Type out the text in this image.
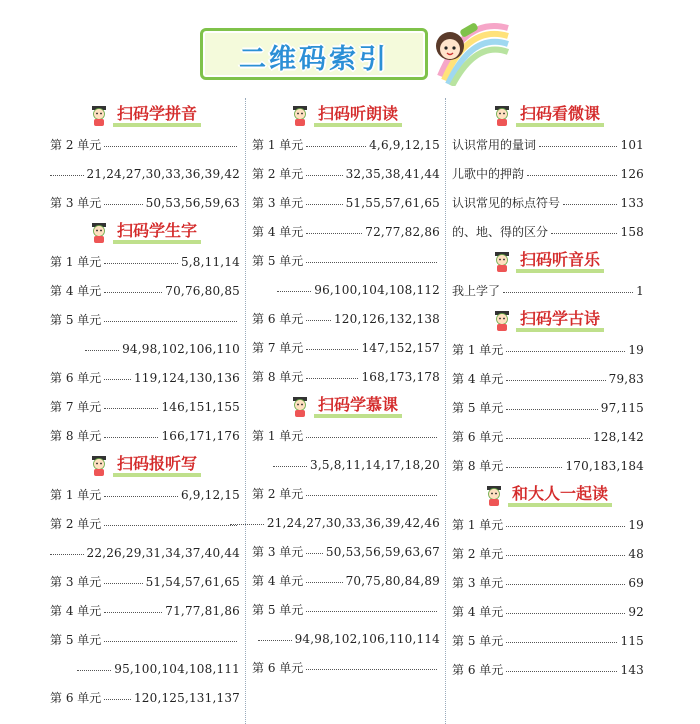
二维码索引
扫码学拼音
第 2 单元
21,24,27,30,33,36,39,42
第 3 单元	50,53,56,59,63
扫码学生字
第 1 单元	5,8,11,14
第 4 单元	70,76,80,85
第 5 单元
94,98,102,106,110
第 6 单元	119,124,130,136
第 7 单元	146,151,155
第 8 单元	166,171,176
扫码报听写
第 1 单元	6,9,12,15
第 2 单元
22,26,29,31,34,37,40,44
第 3 单元	51,54,57,61,65
第 4 单元	71,77,81,86
第 5 单元
95,100,104,108,111
第 6 单元	120,125,131,137
扫码听朗读
第 1 单元	4,6,9,12,15
第 2 单元	32,35,38,41,44
第 3 单元	51,55,57,61,65
第 4 单元	72,77,82,86
第 5 单元
96,100,104,108,112
第 6 单元	120,126,132,138
第 7 单元	147,152,157
第 8 单元	168,173,178
扫码学慕课
第 1 单元
3,5,8,11,14,17,18,20
第 2 单元
21,24,27,30,33,36,39,42,46
第 3 单元 50,53,56,59,63,67
第 4 单元	70,75,80,84,89
第 5 单元
94,98,102,106,110,114
第 6 单元
扫码看微课
认识常用的量词	101
儿歌中的押韵	126
认识常见的标点符号	133
的、地、得的区分	158
扫码听音乐
我上学了	1
扫码学古诗
第 1 单元	19
第 4 单元	79,83
第 5 单元	97,115
第 6 单元	128,142
第 8 单元	170,183,184
和大人一起读
第 1 单元	19
第 2 单元	48
第 3 单元	69
第 4 单元	92
第 5 单元	115
第 6 单元	143
